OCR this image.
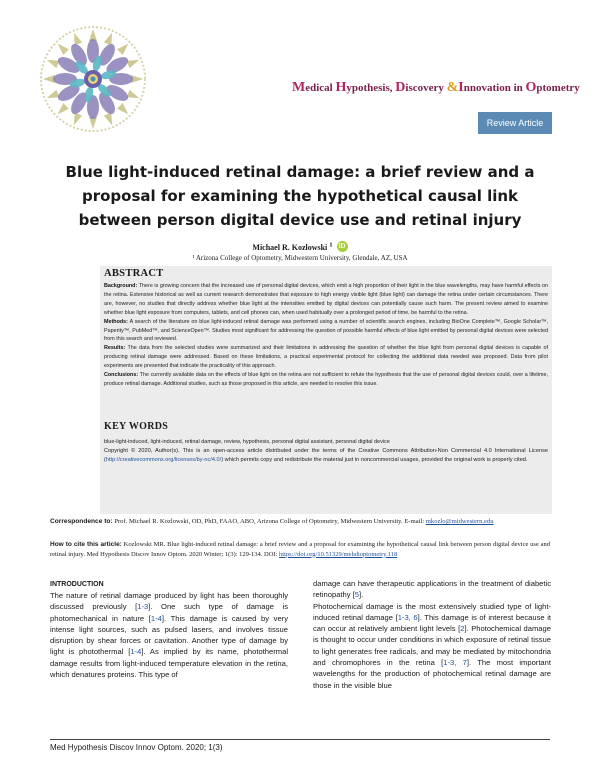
Medical Hypothesis, Discovery &Innovation in Optometry
Review Article
Blue light-induced retinal damage: a brief review and a proposal for examining the hypothetical causal link between person digital device use and retinal injury
Michael R. Kozlowski $^1$ iD
¹ Arizona College of Optometry, Midwestern University, Glendale, AZ, USA
ABSTRACT

Background: There is growing concern that the increased use of personal digital devices, which emit a high proportion of their light in the blue wavelengths, may have harmful effects on the retina. Extensive historical as well as current research demonstrates that exposure to high energy visible light (blue light) can damage the retina under certain circumstances. There are, however, no studies that directly address whether blue light at the intensities emitted by digital devices can potentially cause such harm. The present review aimed to examine whether blue light exposure from computers, tablets, and cell phones can, when used habitually over a prolonged period of time, be harmful to the retina.

Methods: A search of the literature on blue light-induced retinal damage was performed using a number of scientific search engines, including BioOne Complete™, Google Scholar™, Paperity™, PubMed™, and ScienceOpen™. Studies most significant for addressing the question of possible harmful effects of blue light emitted by personal digital devices were selected from this search and reviewed.

Results: The data from the selected studies were summarized and their limitations in addressing the question of whether the blue light from personal digital devices is capable of producing retinal damage were addressed. Based on these limitations, a practical experimental protocol for collecting the additional data needed was proposed. Data from pilot experiments are presented that indicate the practicality of this approach.

Conclusions: The currently available data on the effects of blue light on the retina are not sufficient to refute the hypothesis that the use of personal digital devices could, over a lifetime, produce retinal damage. Additional studies, such as those proposed in this article, are needed to resolve this issue.

KEY WORDS
blue-light-induced, light-induced, retinal damage, review, hypothesis, personal digital assistant, personal digital device
Copyright © 2020, Author(s). This is an open-access article distributed under the terms of the Creative Commons Attribution-Non Commercial 4.0 International License (http://creativecommons.org/licenses/by-nc/4.0/) which permits copy and redistribute the material just in noncommercial usages, provided the original work is properly cited.
Correspondence to: Prof. Michael R. Kozlowski, OD, PhD, FAAO, ABO, Arizona College of Optometry, Midwestern University. E-mail: mkozlo@midwestern.edu
How to cite this article: Kozlowski MR. Blue light-induced retinal damage: a brief review and a proposal for examining the hypothetical causal link between person digital device use and retinal injury. Med Hypothesis Discov Innov Optom. 2020 Winter; 1(3): 129-134. DOI: https://doi.org/10.51329/mehdioptometry.118
INTRODUCTION
The nature of retinal damage produced by light has been thoroughly discussed previously [1-3]. One such type of damage is photomechanical in nature [1-4]. This damage is caused by very intense light sources, such as pulsed lasers, and involves tissue disruption by shear forces or cavitation. Another type of damage by light is photothermal [1-4]. As implied by its name, photothermal damage results from light-induced temperature elevation in the retina, which denatures proteins. This type of

damage can have therapeutic applications in the treatment of diabetic retinopathy [5].

Photochemical damage is the most extensively studied type of light-induced retinal damage [1-3, 6]. This damage is of interest because it can occur at relatively ambient light levels [2]. Photochemical damage is thought to occur under conditions in which exposure of retinal tissue to light generates free radicals, and may be mediated by mitochondria and chromophores in the retina [1-3, 7]. The most important wavelengths for the production of photochemical retinal damage are those in the visible blue

Med Hypothesis Discov Innov Optom. 2020; 1(3)
